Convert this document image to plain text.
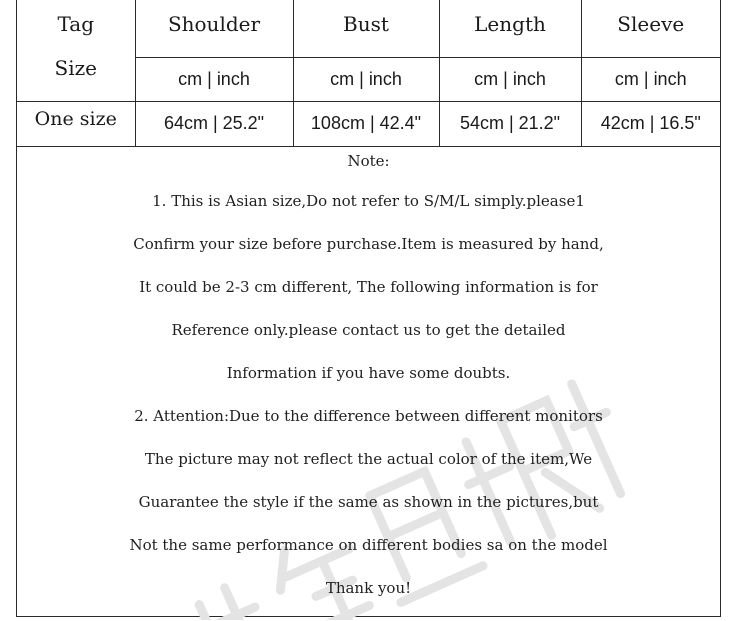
Tag
Size	Shoulder	Bust	Length	Sleeve
	cm | inch	cm | inch	cm | inch	cm | inch
One size	64cm | 25.2"	108cm | 42.4"	54cm | 21.2"	42cm | 16.5"
Note:
1. This is Asian size,Do not refer to S/M/L simply.please1
Confirm your size before purchase.Item is measured by hand,
It could be 2-3 cm different, The following information is for
Reference only.please contact us to get the detailed
Information if you have some doubts.
2. Attention:Due to the difference between different monitors
The picture may not reflect the actual color of the item,We
Guarantee the style if the same as shown in the pictures,but
Not the same performance on different bodies sa on the model
Thank you!
